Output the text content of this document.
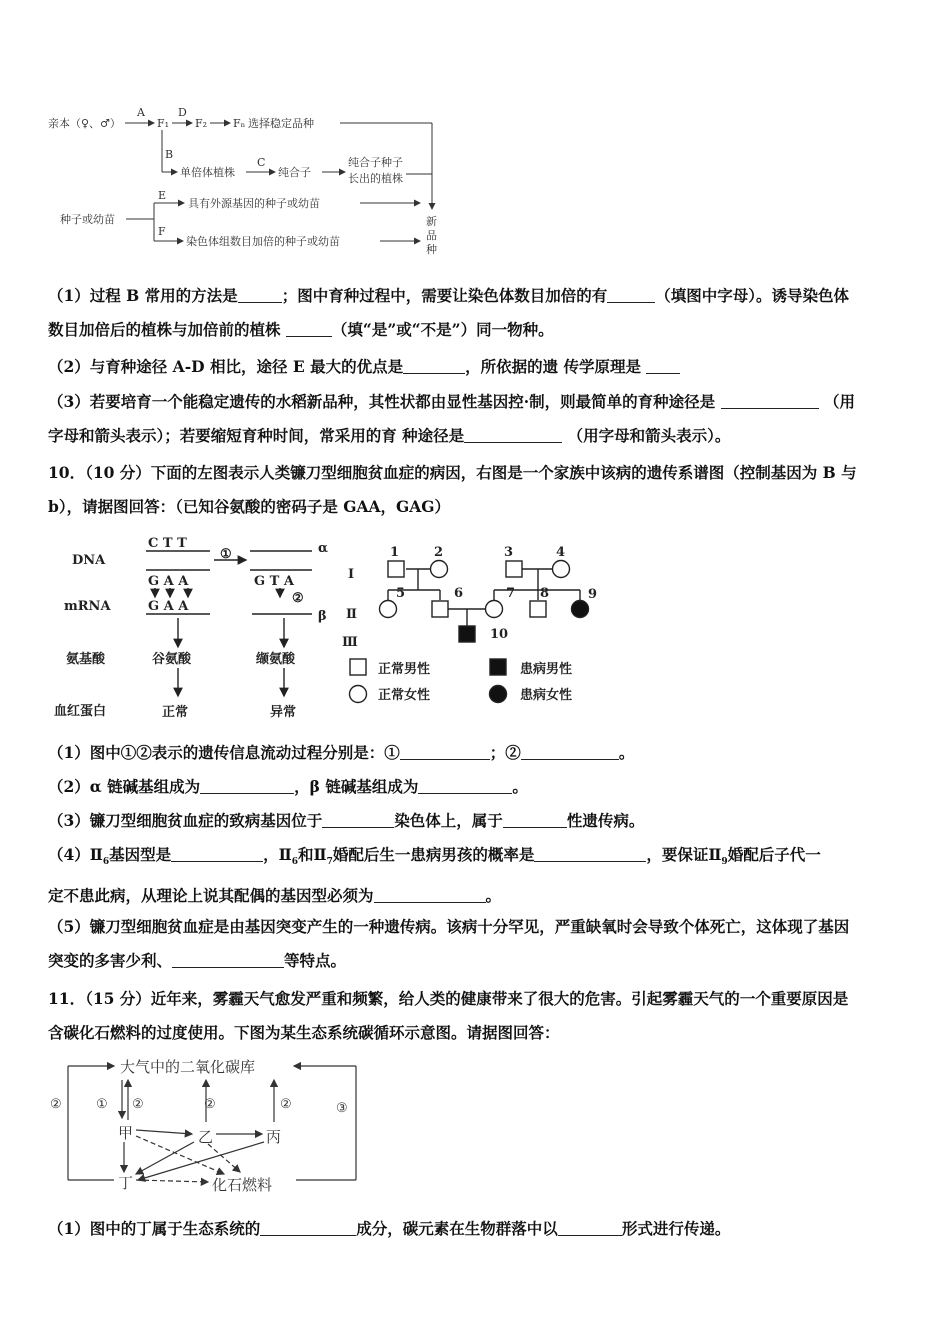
亲本（♀、♂）
A
F₁
D
F₂ Fₙ 选择稳定品种
B
单倍体植株
C
纯合子
纯合子种子
长出的植株
E
具有外源基因的种子或幼苗
种子或幼苗
F
染色体组数目加倍的种子或幼苗
新
品
种
（1）过程 B 常用的方法是	；图中育种过程中，需要让染色体数目加倍的有	（填图中字母）。诱导染色体
数目加倍后的植株与加倍前的植株	（填“是”或“不是”）同一物种。
（2）与育种途径 A-D 相比，途径 E 最大的优点是	，所依据的遗 传学原理是
（3）若要培育一个能稳定遗传的水稻新品种，其性状都由显性基因控·制，则最简单的育种途径是	（用
字母和箭头表示）；若要缩短育种时间，常采用的育 种途径是	（用字母和箭头表示）。
10．（10 分）下面的左图表示人类镰刀型细胞贫血症的病因，右图是一个家族中该病的遗传系谱图（控制基因为 B 与
b），请据图回答：（已知谷氨酸的密码子是 GAA，GAG）
DNA
mRNA
氨基酸
血红蛋白
C T T
G A A
G A A
G T A
①
②
α
β
谷氨酸	缬氨酸
正常	异常
Ⅰ
Ⅱ
Ⅲ
1	2	3	4
5	6	7 8	9
10
正常男性	患病男性
正常女性	患病女性
（1）图中①②表示的遗传信息流动过程分别是：①	；②	。
（2）α 链碱基组成为	，β 链碱基组成为	。
（3）镰刀型细胞贫血症的致病基因位于	染色体上，属于	性遗传病。
$(4)Ⅱ_6$基因型是	，$Ⅱ_6$和$Ⅱ_7$婚配后生一患病男孩的概率是	，要保证$Ⅱ_9$婚配后子代一
定不患此病，从理论上说其配偶的基因型必须为	。
（5）镰刀型细胞贫血症是由基因突变产生的一种遗传病。该病十分罕见，严重缺氧时会导致个体死亡，这体现了基因
突变的多害少利、	等特点。
11．（15 分）近年来，雾霾天气愈发严重和频繁，给人类的健康带来了很大的危害。引起雾霾天气的一个重要原因是
含碳化石燃料的过度使用。下图为某生态系统碳循环示意图。请据图回答：
大气中的二氧化碳库
甲	乙	丙
丁	化石燃料
②	① ②	②	②	③
（1）图中的丁属于生态系统的	成分，碳元素在生物群落中以	形式进行传递。
